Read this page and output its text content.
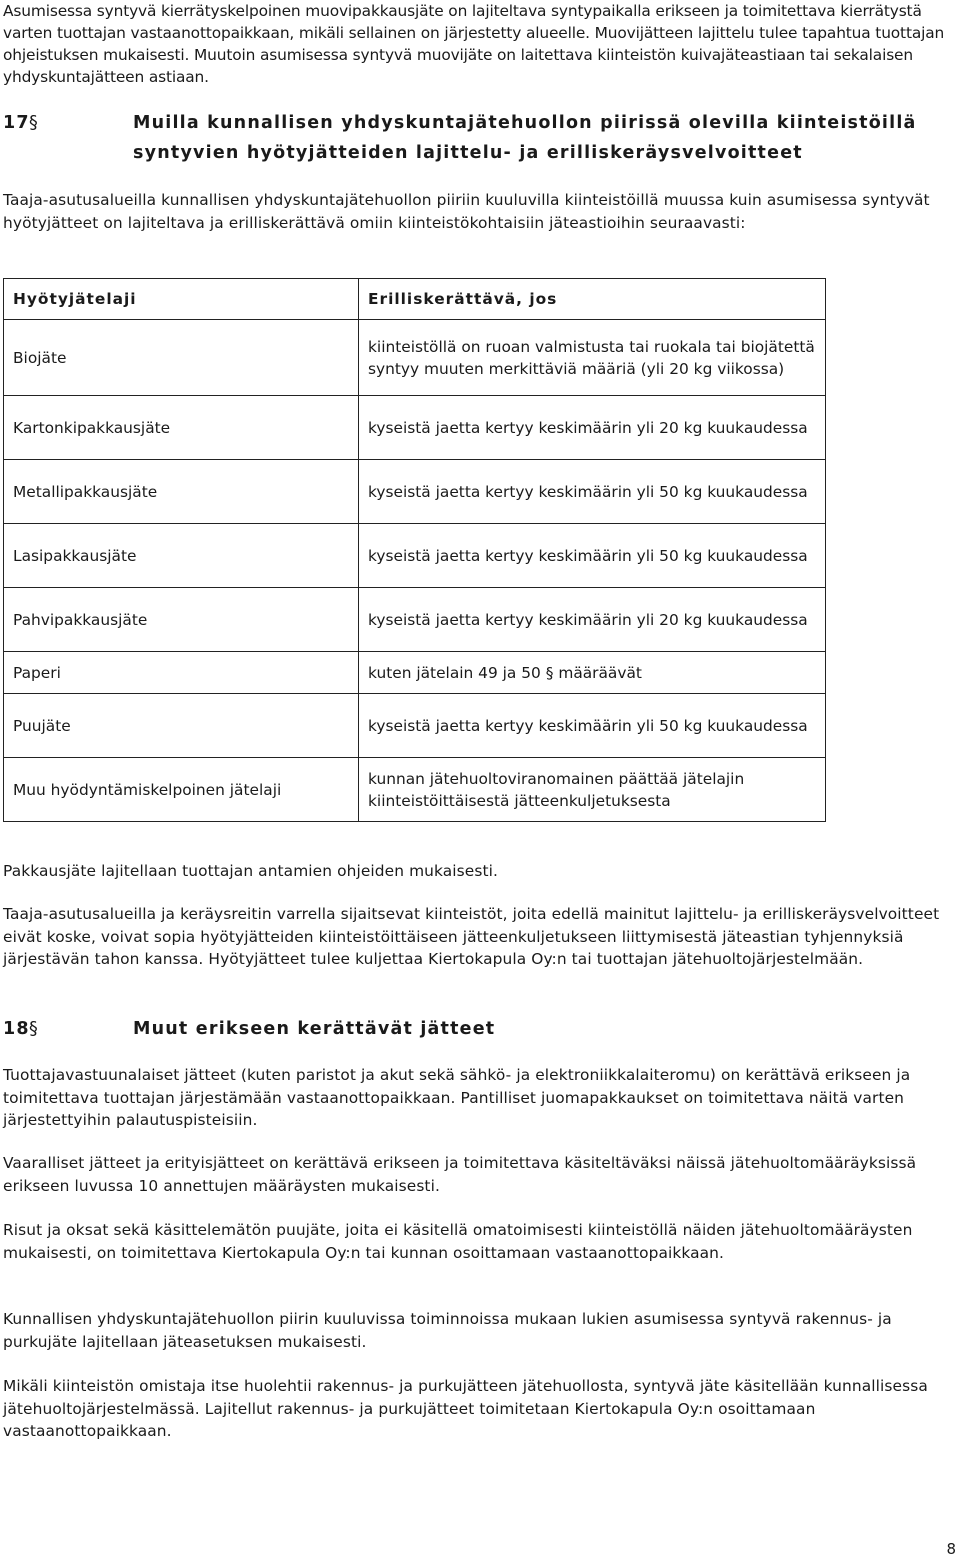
Asumisessa syntyvä kierrätyskelpoinen muovipakkausjäte on lajiteltava syntypaikalla erikseen ja toimitettava kierrätystä varten tuottajan vastaanottopaikkaan, mikäli sellainen on järjestetty alueelle. Muovijätteen lajittelu tulee tapahtua tuottajan ohjeistuksen mukaisesti. Muutoin asumisessa syntyvä muovijäte on laitettava kiinteistön kuivajäteastiaan tai sekalaisen yhdyskuntajätteen astiaan.

17 §	Muilla kunnallisen yhdyskuntajätehuollon piirissä olevilla kiinteistöillä syntyvien hyötyjätteiden lajittelu- ja erilliskeräysvelvoitteet

Taaja-asutusalueilla kunnallisen yhdyskuntajätehuollon piiriin kuuluvilla kiinteistöillä muussa kuin asumisessa syntyvät hyötyjätteet on lajiteltava ja erilliskerättävä omiin kiinteistökohtaisiin jäteastioihin seuraavasti:

Hyötyjätelaji	Erilliskerättävä, jos
Biojäte	kiinteistöllä on ruoan valmistusta tai ruokala tai biojätettä syntyy muuten merkittäviä määriä (yli 20 kg viikossa)
Kartonkipakkausjäte	kyseistä jaetta kertyy keskimäärin yli 20 kg kuukaudessa
Metallipakkausjäte	kyseistä jaetta kertyy keskimäärin yli 50 kg kuukaudessa
Lasipakkausjäte	kyseistä jaetta kertyy keskimäärin yli 50 kg kuukaudessa
Pahvipakkausjäte	kyseistä jaetta kertyy keskimäärin yli 20 kg kuukaudessa
Paperi	kuten jätelain 49 ja 50 § määräävät
Puujäte	kyseistä jaetta kertyy keskimäärin yli 50 kg kuukaudessa
Muu hyödyntämiskelpoinen jätelaji	kunnan jätehuoltoviranomainen päättää jätelajin kiinteistöittäisestä jätteenkuljetuksesta

Pakkausjäte lajitellaan tuottajan antamien ohjeiden mukaisesti.

Taaja-asutusalueilla ja keräysreitin varrella sijaitsevat kiinteistöt, joita edellä mainitut lajittelu- ja erilliskeräysvelvoitteet eivät koske, voivat sopia hyötyjätteiden kiinteistöittäiseen jätteenkuljetukseen liittymisestä jäteastian tyhjennyksiä järjestävän tahon kanssa. Hyötyjätteet tulee kuljettaa Kiertokapula Oy:n tai tuottajan jätehuoltojärjestelmään.

18 §	Muut erikseen kerättävät jätteet

Tuottajavastuunalaiset jätteet (kuten paristot ja akut sekä sähkö- ja elektroniikkalaiteromu) on kerättävä erikseen ja toimitettava tuottajan järjestämään vastaanottopaikkaan. Pantilliset juomapakkaukset on toimitettava näitä varten järjestettyihin palautuspisteisiin.

Vaaralliset jätteet ja erityisjätteet on kerättävä erikseen ja toimitettava käsiteltäväksi näissä jätehuoltomääräyksissä erikseen luvussa 10 annettujen määräysten mukaisesti.

Risut ja oksat sekä käsittelemätön puujäte, joita ei käsitellä omatoimisesti kiinteistöllä näiden jätehuoltomääräysten mukaisesti, on toimitettava Kiertokapula Oy:n tai kunnan osoittamaan vastaanottopaikkaan.

Kunnallisen yhdyskuntajätehuollon piirin kuuluvissa toiminnoissa mukaan lukien asumisessa syntyvä rakennus- ja purkujäte lajitellaan jäteasetuksen mukaisesti.

Mikäli kiinteistön omistaja itse huolehtii rakennus- ja purkujätteen jätehuollosta, syntyvä jäte käsitellään kunnallisessa jätehuoltojärjestelmässä. Lajitellut rakennus- ja purkujätteet toimitetaan Kiertokapula Oy:n osoittamaan vastaanottopaikkaan.

8
